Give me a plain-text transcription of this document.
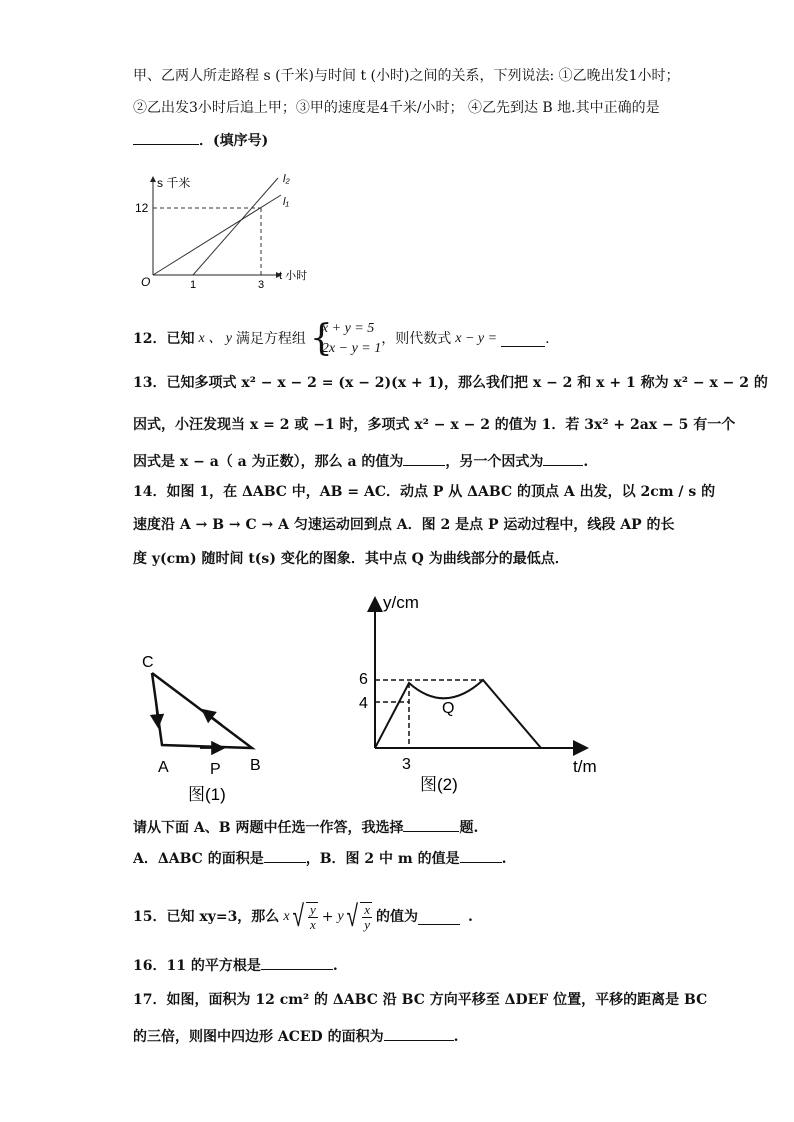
甲、乙两人所走路程 s (千米)与时间 t (小时)之间的关系，下列说法: ①乙晚出发1小时；
②乙出发3小时后追上甲；③甲的速度是4千米/小时； ④乙先到达 B 地.其中正确的是
．(填序号)
s 千米
t 小时
O
12
1	3
l₂
l₁
12．已知 x 、 y 满足方程组
{ x + y = 5
2x − y = 1
，则代数式 x − y =	.
13．已知多项式 x² − x − 2 = (x − 2)(x + 1)，那么我们把 x − 2 和 x + 1 称为 x² − x − 2 的
因式，小汪发现当 x = 2 或 −1 时，多项式 x² − x − 2 的值为 1．若 3x² + 2ax − 5 有一个
因式是 x − a（ a 为正数），那么 a 的值为	，另一个因式为	.
14．如图 1，在 ΔABC 中，AB = AC．动点 P 从 ΔABC 的顶点 A 出发，以 2cm / s 的
速度沿 A → B → C → A 匀速运动回到点 A．图 2 是点 P 运动过程中，线段 AP 的长
度 y(cm) 随时间 t(s) 变化的图象．其中点 Q 为曲线部分的最低点．
C
A	P B
图(1)
y/cm
t/m
6
4
3
Q
图(2)
请从下面 A、B 两题中任选一作答，我选择	题.
A．ΔABC 的面积是	，B．图 2 中 m 的值是	.
15．已知 xy=3，那么 x √ $\frac{y}{x} + y$ √ $\frac{x}{y}$ 的值为	.
16．11 的平方根是	.
17．如图，面积为 12 cm² 的 ΔABC 沿 BC 方向平移至 ΔDEF 位置，平移的距离是 BC
的三倍，则图中四边形 ACED 的面积为	.
